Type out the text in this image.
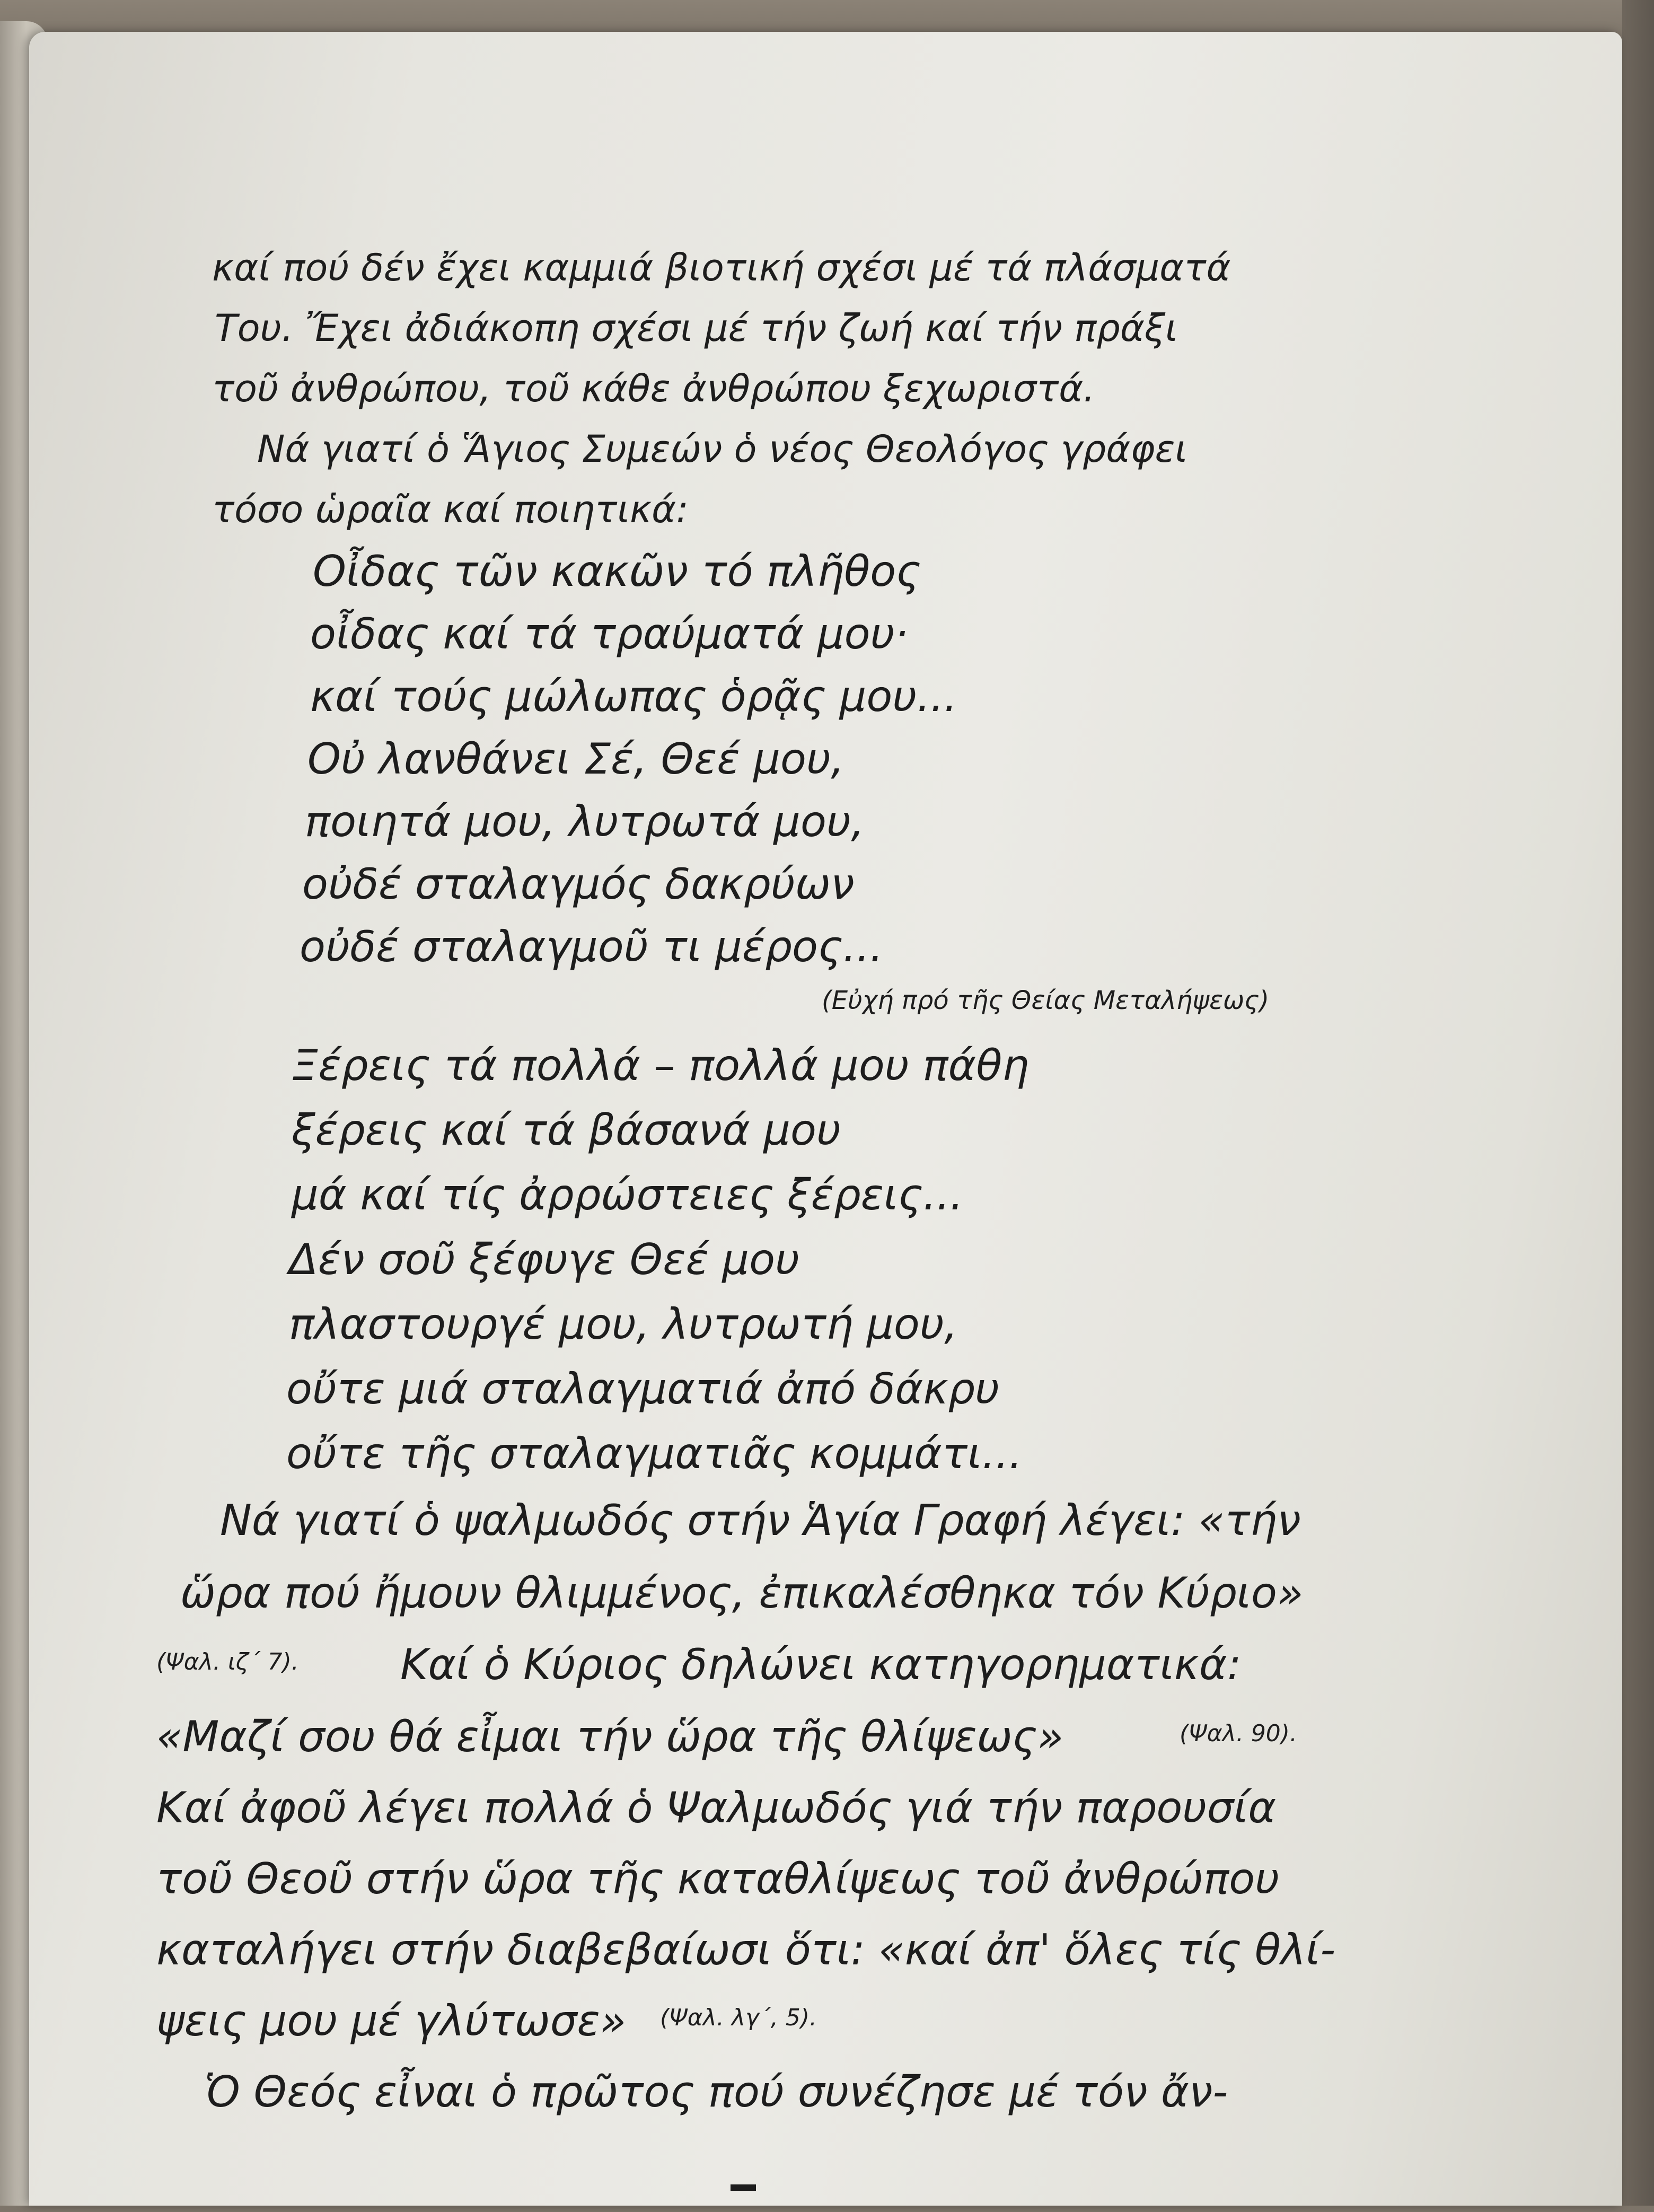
καί πού δέν ἔχει καμμιά βιοτική σχέσι μέ τά πλάσματά
Του. Ἔχει ἀδιάκοπη σχέσι μέ τήν ζωή καί τήν πράξι
τοῦ ἀνθρώπου, τοῦ κάθε ἀνθρώπου ξεχωριστά.
Νά γιατί ὁ Ἅγιος Συμεών ὁ νέος Θεολόγος γράφει
τόσο ὡραῖα καί ποιητικά:
Οἶδας τῶν κακῶν τό πλῆθος
οἶδας καί τά τραύματά μου·
καί τούς μώλωπας ὁρᾷς μου...
Οὐ λανθάνει Σέ, Θεέ μου,
ποιητά μου, λυτρωτά μου,
οὐδέ σταλαγμός δακρύων
οὐδέ σταλαγμοῦ τι μέρος...
(Εὐχή πρό τῆς Θείας Μεταλήψεως)
Ξέρεις τά πολλά – πολλά μου πάθη
ξέρεις καί τά βάσανά μου
μά καί τίς ἀρρώστειες ξέρεις...
Δέν σοῦ ξέφυγε Θεέ μου
πλαστουργέ μου, λυτρωτή μου,
οὔτε μιά σταλαγματιά ἀπό δάκρυ
οὔτε τῆς σταλαγματιᾶς κομμάτι...
Νά γιατί ὁ ψαλμωδός στήν Ἁγία Γραφή λέγει: «τήν
ὥρα πού ἤμουν θλιμμένος, ἐπικαλέσθηκα τόν Κύριο»
(Ψαλ. ιζ΄ 7). Καί ὁ Κύριος δηλώνει κατηγορηματικά:
«Μαζί σου θά εἶμαι τήν ὥρα τῆς θλίψεως»	(Ψαλ. 90).
Καί ἀφοῦ λέγει πολλά ὁ Ψαλμωδός γιά τήν παρουσία
τοῦ Θεοῦ στήν ὥρα τῆς καταθλίψεως τοῦ ἀνθρώπου
καταλήγει στήν διαβεβαίωσι ὅτι: «καί ἀπ' ὅλες τίς θλί-
ψεις μου μέ γλύτωσε» (Ψαλ. λγ΄, 5).
Ὁ Θεός εἶναι ὁ πρῶτος πού συνέζησε μέ τόν ἄν-
